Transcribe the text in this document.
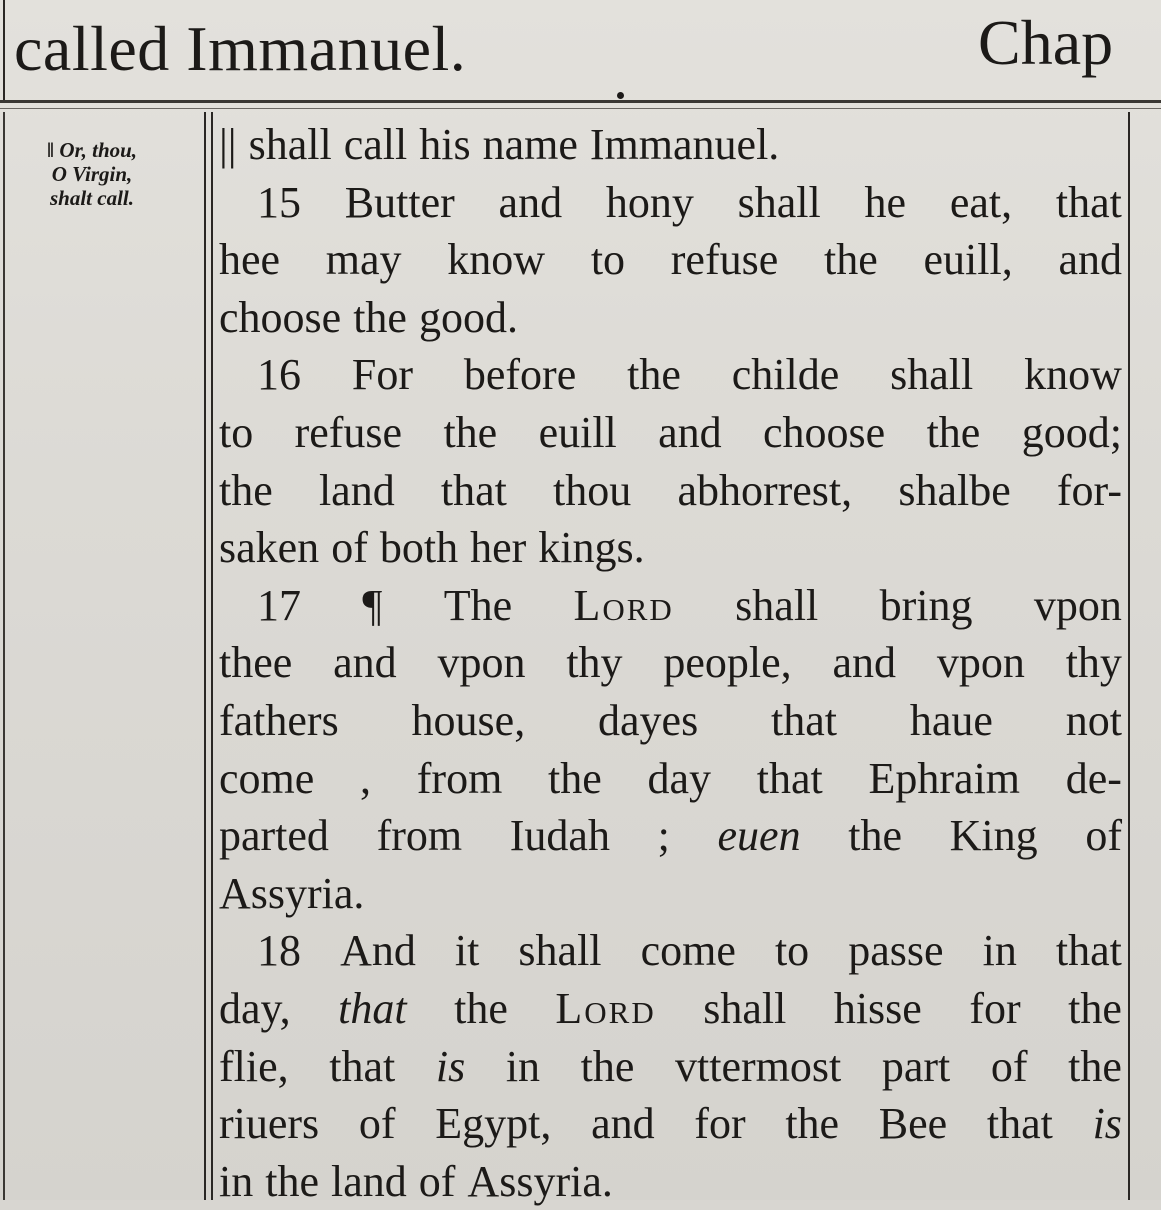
called Immanuel.	Chap
‖ Or, thou,
O Virgin,
shalt call.
|| shall call his name Immanuel.
15 Butter and hony shall he eat, that
hee may know to refuse the euill, and
choose the good.
16 For before the childe shall know
to refuse the euill and choose the good;
the land that thou abhorrest, shalbe for-
saken of both her kings.
17 ¶ The Lord shall bring vpon
thee and vpon thy people, and vpon thy
fathers house, dayes that haue not
come , from the day that Ephraim de-
parted from Iudah ; euen the King of
Assyria.
18 And it shall come to passe in that
day, that the Lord shall hisse for the
flie, that is in the vttermost part of the
riuers of Egypt, and for the Bee that is
in the land of Assyria.
